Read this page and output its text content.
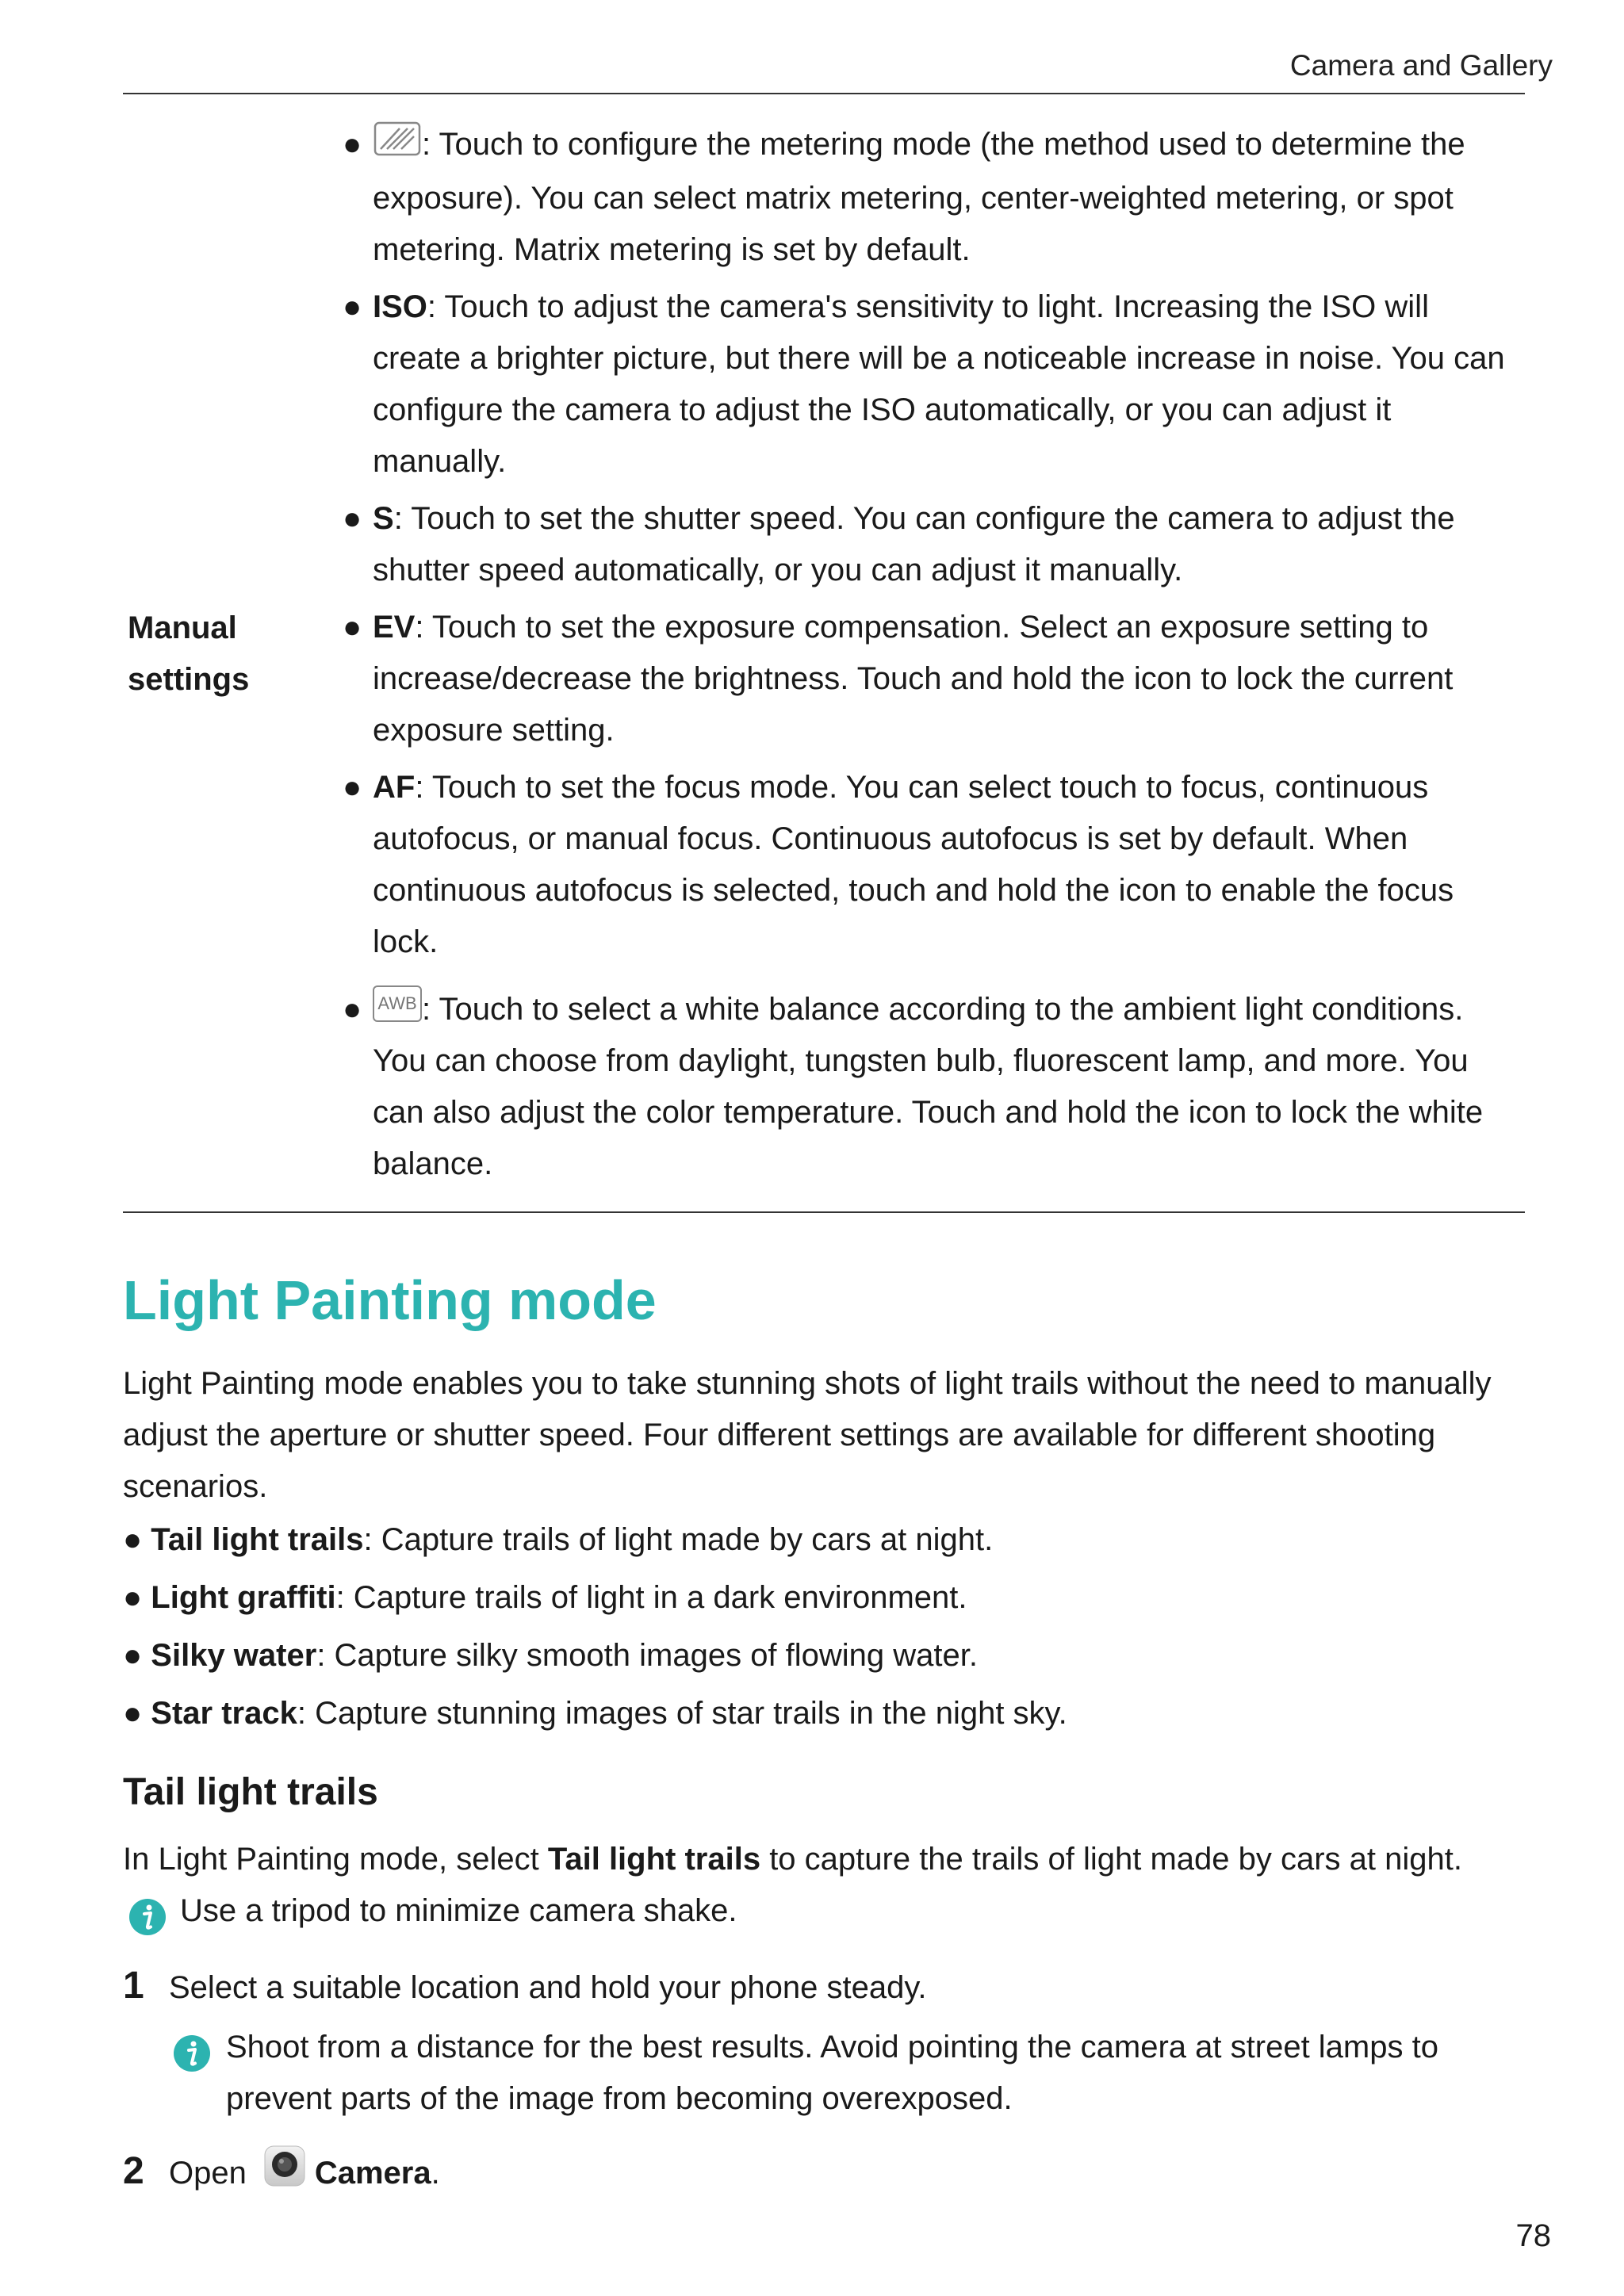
Camera and Gallery
Manual
settings
● : Touch to configure the metering mode (the method used to determine the exposure). You can select matrix metering, center-weighted metering, or spot metering. Matrix metering is set by default.
● ISO: Touch to adjust the camera's sensitivity to light. Increasing the ISO will create a brighter picture, but there will be a noticeable increase in noise. You can configure the camera to adjust the ISO automatically, or you can adjust it manually.
● S: Touch to set the shutter speed. You can configure the camera to adjust the shutter speed automatically, or you can adjust it manually.
● EV: Touch to set the exposure compensation. Select an exposure setting to increase/decrease the brightness. Touch and hold the icon to lock the current exposure setting.
● AF: Touch to set the focus mode. You can select touch to focus, continuous autofocus, or manual focus. Continuous autofocus is set by default. When continuous autofocus is selected, touch and hold the icon to enable the focus lock.
● AWB : Touch to select a white balance according to the ambient light conditions. You can choose from daylight, tungsten bulb, fluorescent lamp, and more. You can also adjust the color temperature. Touch and hold the icon to lock the white balance.
Light Painting mode
Light Painting mode enables you to take stunning shots of light trails without the need to manually adjust the aperture or shutter speed. Four different settings are available for different shooting scenarios.
● Tail light trails: Capture trails of light made by cars at night.
● Light graffiti: Capture trails of light in a dark environment.
● Silky water: Capture silky smooth images of flowing water.
● Star track: Capture stunning images of star trails in the night sky.
Tail light trails
In Light Painting mode, select Tail light trails to capture the trails of light made by cars at night.
Use a tripod to minimize camera shake.
1 Select a suitable location and hold your phone steady.
Shoot from a distance for the best results. Avoid pointing the camera at street lamps to prevent parts of the image from becoming overexposed.
2 Open Camera.
78
